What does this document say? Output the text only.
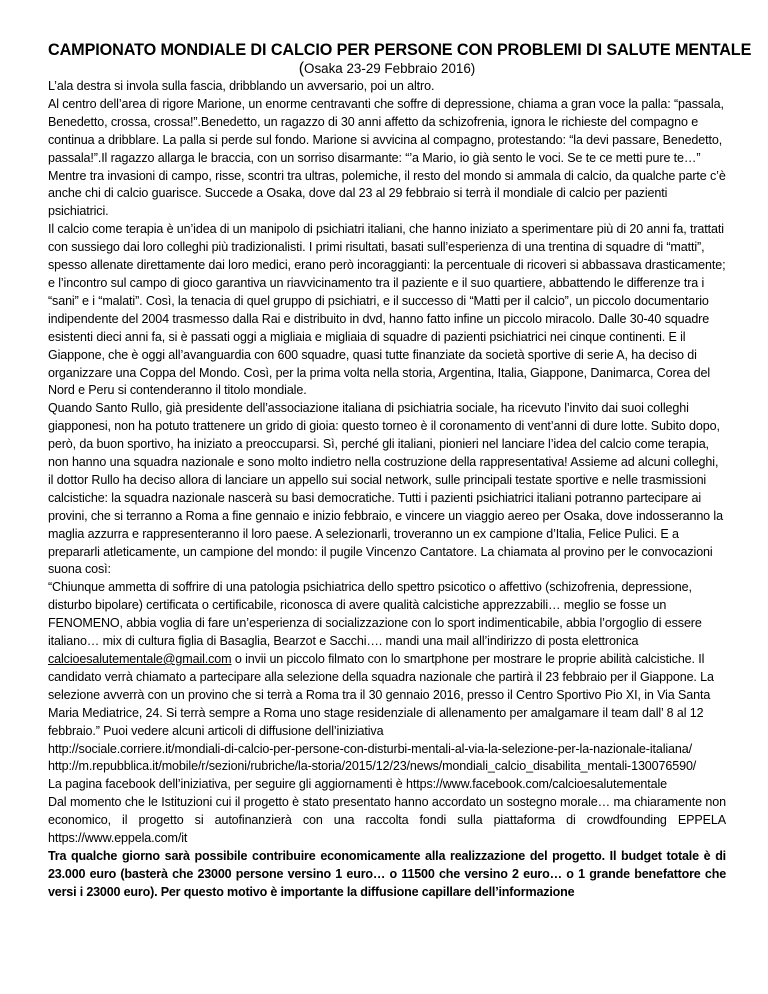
CAMPIONATO MONDIALE DI CALCIO PER PERSONE CON PROBLEMI DI SALUTE MENTALE
(Osaka 23-29 Febbraio 2016)

L’ala destra si invola sulla fascia, dribblando un avversario, poi un altro.

Al centro dell’area di rigore Marione, un enorme centravanti che soffre di depressione, chiama a gran voce la palla: “passala, Benedetto, crossa, crossa!”.Benedetto, un ragazzo di 30 anni affetto da schizofrenia, ignora le richieste del compagno e continua a dribblare. La palla si perde sul fondo. Marione si avvicina al compagno, protestando: “la devi passare, Benedetto, passala!”.Il ragazzo allarga le braccia, con un sorriso disarmante: “’a Mario, io già sento le voci. Se te ce metti pure te…”

Mentre tra invasioni di campo, risse, scontri tra ultras, polemiche, il resto del mondo si ammala di calcio, da qualche parte c’è anche chi di calcio guarisce. Succede a Osaka, dove dal 23 al 29 febbraio si terrà il mondiale di calcio per pazienti psichiatrici.

Il calcio come terapia è un’idea di un manipolo di psichiatri italiani, che hanno iniziato a sperimentare più di 20 anni fa, trattati con sussiego dai loro colleghi più tradizionalisti. I primi risultati, basati sull’esperienza di una trentina di squadre di “matti”, spesso allenate direttamente dai loro medici, erano però incoraggianti: la percentuale di ricoveri si abbassava drasticamente; e l’incontro sul campo di gioco garantiva un riavvicinamento tra il paziente e il suo quartiere, abbattendo le differenze tra i “sani” e i “malati”. Così, la tenacia di quel gruppo di psichiatri, e il successo di “Matti per il calcio”, un piccolo documentario indipendente del 2004 trasmesso dalla Rai e distribuito in dvd, hanno fatto infine un piccolo miracolo. Dalle 30-40 squadre esistenti dieci anni fa, si è passati oggi a migliaia e migliaia di squadre di pazienti psichiatrici nei cinque continenti. E il Giappone, che è oggi all’avanguardia con 600 squadre, quasi tutte finanziate da società sportive di serie A, ha deciso di organizzare una Coppa del Mondo. Così, per la prima volta nella storia, Argentina, Italia, Giappone, Danimarca, Corea del Nord e Peru si contenderanno il titolo mondiale.

Quando Santo Rullo, già presidente dell’associazione italiana di psichiatria sociale, ha ricevuto l’invito dai suoi colleghi giapponesi, non ha potuto trattenere un grido di gioia: questo torneo è il coronamento di vent’anni di dure lotte. Subito dopo, però, da buon sportivo, ha iniziato a preoccuparsi. Sì, perché gli italiani, pionieri nel lanciare l’idea del calcio come terapia, non hanno una squadra nazionale e sono molto indietro nella costruzione della rappresentativa! Assieme ad alcuni colleghi, il dottor Rullo ha deciso allora di lanciare un appello sui social network, sulle principali testate sportive e nelle trasmissioni calcistiche: la squadra nazionale nascerà su basi democratiche. Tutti i pazienti psichiatrici italiani potranno partecipare ai provini, che si terranno a Roma a fine gennaio e inizio febbraio, e vincere un viaggio aereo per Osaka, dove indosseranno la maglia azzurra e rappresenteranno il loro paese. A selezionarli, troveranno un ex campione d’Italia, Felice Pulici. E a prepararli atleticamente, un campione del mondo: il pugile Vincenzo Cantatore. La chiamata al provino per le convocazioni suona così:

“Chiunque ammetta di soffrire di una patologia psichiatrica dello spettro psicotico o affettivo (schizofrenia, depressione, disturbo bipolare) certificata o certificabile, riconosca di avere qualità calcistiche apprezzabili… meglio se fosse un FENOMENO, abbia voglia di fare un’esperienza di socializzazione con lo sport indimenticabile, abbia l’orgoglio di essere italiano… mix di cultura figlia di Basaglia, Bearzot e Sacchi…. mandi una mail all’indirizzo di posta elettronica calcioesalutementale@gmail.com o invii un piccolo filmato con lo smartphone per mostrare le proprie abilità calcistiche. Il candidato verrà chiamato a partecipare alla selezione della squadra nazionale che partirà il 23 febbraio per il Giappone. La selezione avverrà con un provino che si terrà a Roma tra il 30 gennaio 2016, presso il Centro Sportivo Pio XI, in Via Santa Maria Mediatrice, 24. Si terrà sempre a Roma uno stage residenziale di allenamento per amalgamare il team dall’ 8 al 12 febbraio.” Puoi vedere alcuni articoli di diffusione dell’iniziativa

http://sociale.corriere.it/mondiali-di-calcio-per-persone-con-disturbi-mentali-al-via-la-selezione-per-la-nazionale-italiana/

http://m.repubblica.it/mobile/r/sezioni/rubriche/la-storia/2015/12/23/news/mondiali_calcio_disabilita_mentali-130076590/

La pagina facebook dell’iniziativa, per seguire gli aggiornamenti è https://www.facebook.com/calcioesalutementale

Dal momento che le Istituzioni cui il progetto è stato presentato hanno accordato un sostegno morale… ma chiaramente non economico, il progetto si autofinanzierà con una raccolta fondi sulla piattaforma di crowdfounding EPPELA https://www.eppela.com/it

Tra qualche giorno sarà possibile contribuire economicamente alla realizzazione del progetto. Il budget totale è di 23.000 euro (basterà che 23000 persone versino 1 euro… o 11500 che versino 2 euro… o 1 grande benefattore che versi i 23000 euro). Per questo motivo è importante la diffusione capillare dell’informazione
